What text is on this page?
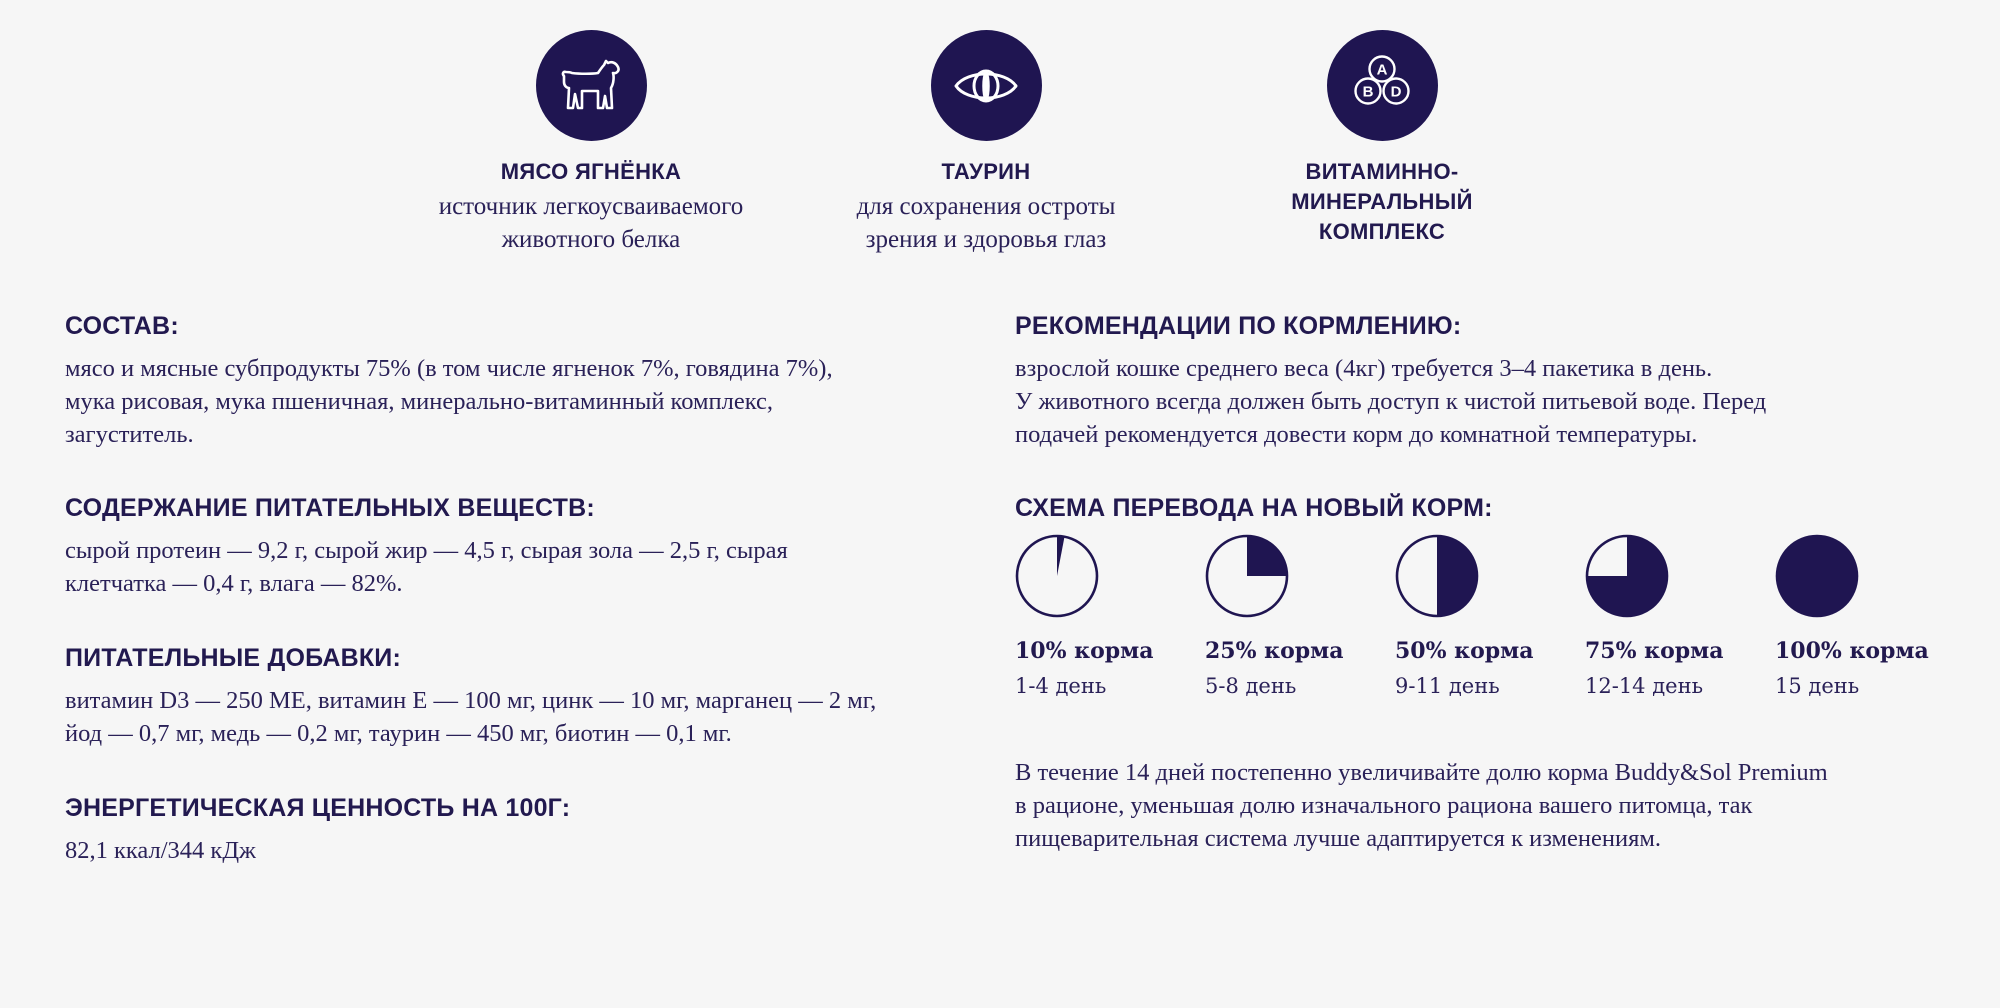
МЯСО ЯГНЁНКА
источник легкоусваиваемого
животного белка
ТАУРИН
для сохранения остроты
зрения и здоровья глаз
A
B D
ВИТАМИННО-
МИНЕРАЛЬНЫЙ
КОМПЛЕКС
СОСТАВ:

мясо и мясные субпродукты 75% (в том числе ягненок 7%, говядина 7%),

мука рисовая, мука пшеничная, минерально-витаминный комплекс,

загуститель.

СОДЕРЖАНИЕ ПИТАТЕЛЬНЫХ ВЕЩЕСТВ:

сырой протеин — 9,2 г, сырой жир — 4,5 г, сырая зола — 2,5 г, сырая

клетчатка — 0,4 г, влага — 82%.

ПИТАТЕЛЬНЫЕ ДОБАВКИ:

витамин D3 — 250 МЕ, витамин Е — 100 мг, цинк — 10 мг, марганец — 2 мг,

йод — 0,7 мг, медь — 0,2 мг, таурин — 450 мг, биотин — 0,1 мг.

ЭНЕРГЕТИЧЕСКАЯ ЦЕННОСТЬ НА 100Г:

82,1 ккал/344 кДж

РЕКОМЕНДАЦИИ ПО КОРМЛЕНИЮ:

взрослой кошке среднего веса (4кг) требуется 3–4 пакетика в день.

У животного всегда должен быть доступ к чистой питьевой воде. Перед

подачей рекомендуется довести корм до комнатной температуры.

СХЕМА ПЕРЕВОДА НА НОВЫЙ КОРМ:
10% корма
1-4 день
25% корма
5-8 день
50% корма
9-11 день
75% корма
12-14 день
100% корма
15 день

В течение 14 дней постепенно увеличивайте долю корма Buddy&Sol Premium

в рационе, уменьшая долю изначального рациона вашего питомца, так

пищеварительная система лучше адаптируется к изменениям.
